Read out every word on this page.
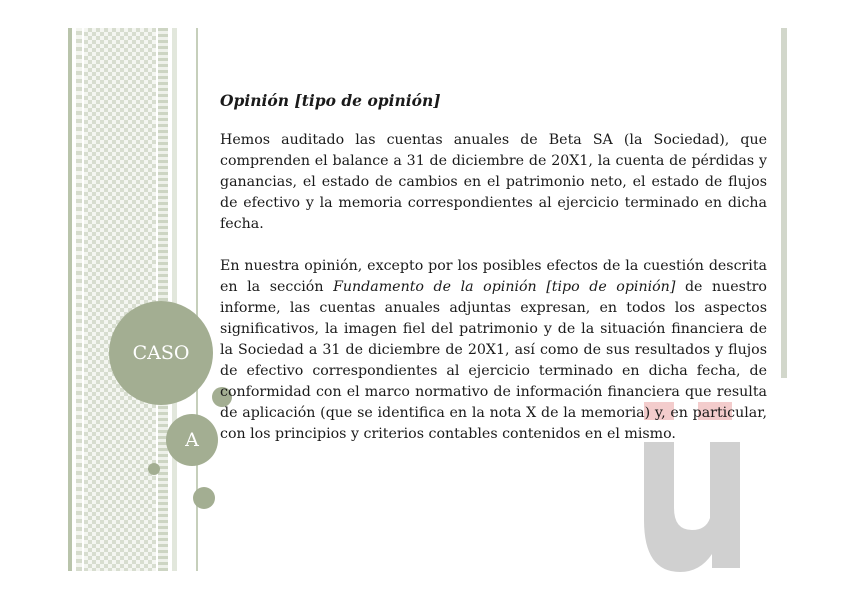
CASO
A

Opinión [tipo de opinión]

Hemos auditado las cuentas anuales de Beta SA (la Sociedad), que comprenden el balance a 31 de diciembre de 20X1, la cuenta de pérdidas y ganancias, el estado de cambios en el patrimonio neto, el estado de flujos de efectivo y la memoria correspondientes al ejercicio terminado en dicha fecha.

En nuestra opinión, excepto por los posibles efectos de la cuestión descrita en la sección Fundamento de la opinión [tipo de opinión] de nuestro informe, las cuentas anuales adjuntas expresan, en todos los aspectos significativos, la imagen fiel del patrimonio y de la situación financiera de la Sociedad a 31 de diciembre de 20X1, así como de sus resultados y flujos de efectivo correspondientes al ejercicio terminado en dicha fecha, de conformidad con el marco normativo de información financiera que resulta de aplicación (que se identifica en la nota X de la memoria) y, en particular, con los principios y criterios contables contenidos en el mismo.
